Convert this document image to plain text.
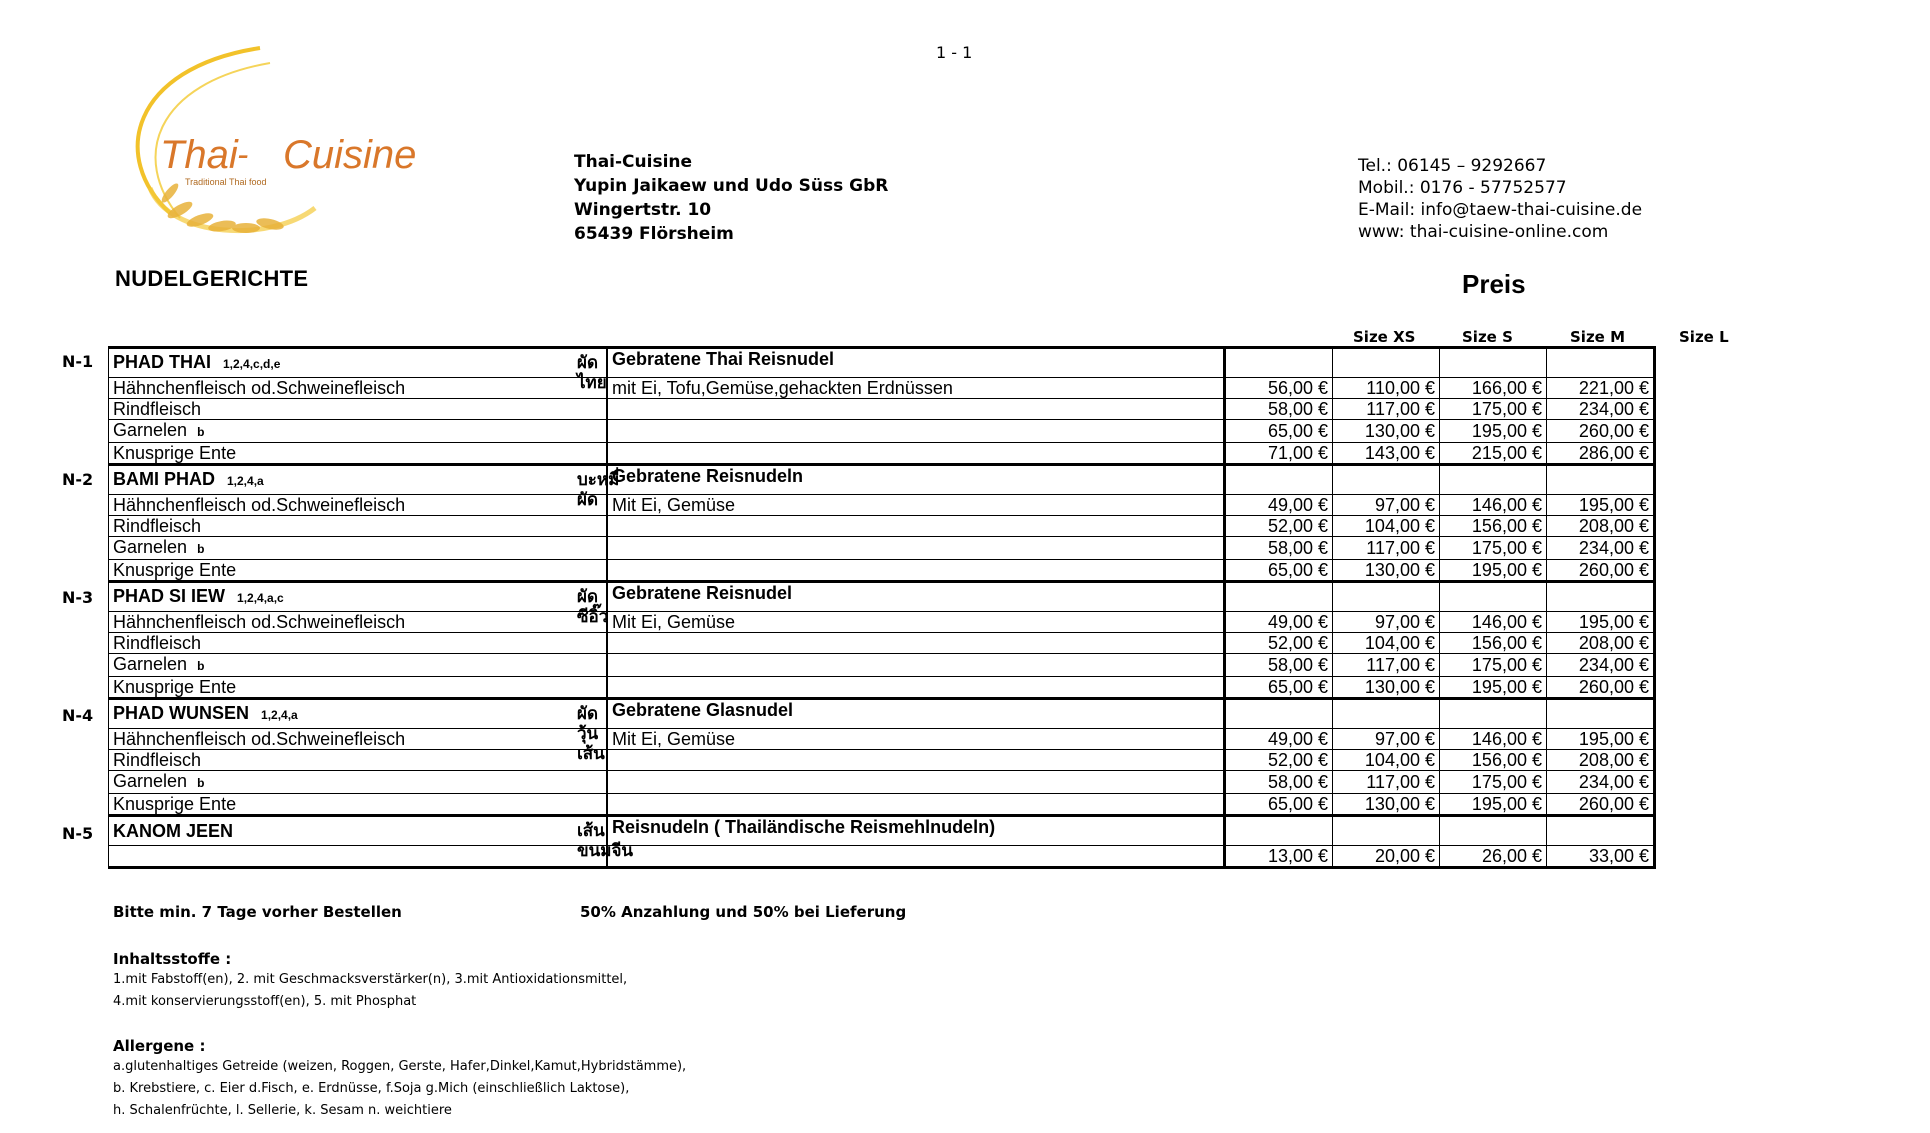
1 - 1
Thai - Cuisine
Traditional Thai food
Thai-Cuisine
Yupin Jaikaew und Udo Süss GbR
Wingertstr. 10
65439 Flörsheim
Tel.: 06145 – 9292667
Mobil.: 0176 - 57752577
E-Mail: info@taew-thai-cuisine.de
www: thai-cuisine-online.com
NUDELGERICHTE	Preis
Size XS	Size S	Size M	Size L
N-1
N-2
N-3
N-4
N-5
PHAD THAI 1,2,4,c,d,e ผัดไทย	Gebratene Thai Reisnudel				
Hähnchenfleisch od.Schweinefleisch	mit Ei, Tofu,Gemüse,gehackten Erdnüssen	56,00 €	110,00 €	166,00 €	221,00 €
Rindfleisch		58,00 €	117,00 €	175,00 €	234,00 €
Garnelen b		65,00 €	130,00 €	195,00 €	260,00 €
Knusprige Ente		71,00 €	143,00 €	215,00 €	286,00 €
BAMI PHAD 1,2,4,a บะหมี่ผัด	Gebratene Reisnudeln				
Hähnchenfleisch od.Schweinefleisch	Mit Ei, Gemüse	49,00 €	97,00 €	146,00 €	195,00 €
Rindfleisch		52,00 €	104,00 €	156,00 €	208,00 €
Garnelen b		58,00 €	117,00 €	175,00 €	234,00 €
Knusprige Ente		65,00 €	130,00 €	195,00 €	260,00 €
PHAD SI IEW 1,2,4,a,c ผัดซีอิ๊ว	Gebratene Reisnudel				
Hähnchenfleisch od.Schweinefleisch	Mit Ei, Gemüse	49,00 €	97,00 €	146,00 €	195,00 €
Rindfleisch		52,00 €	104,00 €	156,00 €	208,00 €
Garnelen b		58,00 €	117,00 €	175,00 €	234,00 €
Knusprige Ente		65,00 €	130,00 €	195,00 €	260,00 €
PHAD WUNSEN 1,2,4,a ผัดวุ้นเส้น	Gebratene Glasnudel				
Hähnchenfleisch od.Schweinefleisch	Mit Ei, Gemüse	49,00 €	97,00 €	146,00 €	195,00 €
Rindfleisch		52,00 €	104,00 €	156,00 €	208,00 €
Garnelen b		58,00 €	117,00 €	175,00 €	234,00 €
Knusprige Ente		65,00 €	130,00 €	195,00 €	260,00 €
KANOM JEEN เส้นขนมจีน	Reisnudeln ( Thailändische Reismehlnudeln)				
		13,00 €	20,00 €	26,00 €	33,00 €
Bitte min. 7 Tage vorher Bestellen	50% Anzahlung und 50% bei Lieferung
Inhaltsstoffe :
1.mit Fabstoff(en), 2. mit Geschmacksverstärker(n), 3.mit Antioxidationsmittel,
4.mit konservierungsstoff(en), 5. mit Phosphat
Allergene :
a.glutenhaltiges Getreide (weizen, Roggen, Gerste, Hafer,Dinkel,Kamut,Hybridstämme),
b. Krebstiere, c. Eier d.Fisch, e. Erdnüsse, f.Soja g.Mich (einschließlich Laktose),
h. Schalenfrüchte, l. Sellerie, k. Sesam n. weichtiere
